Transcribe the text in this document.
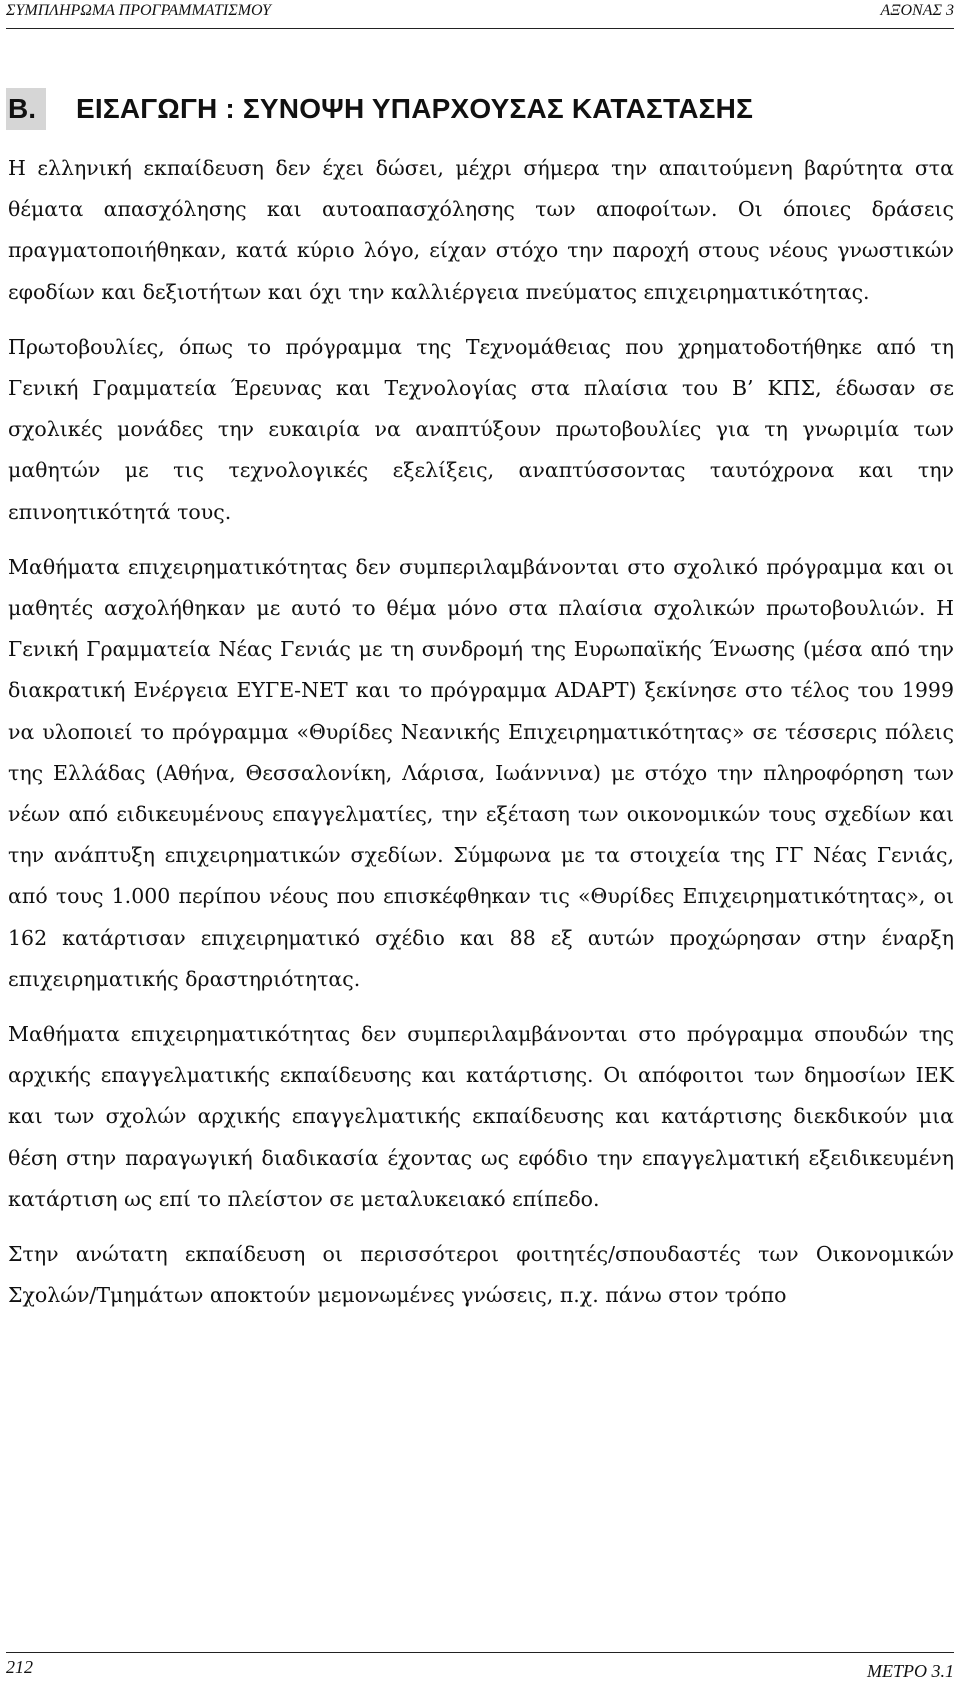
ΣΥΜΠΛΗΡΩΜΑ ΠΡΟΓΡΑΜΜΑΤΙΣΜΟΥ	ΑΞΟΝΑΣ 3
Β. ΕΙΣΑΓΩΓΗ : ΣΥΝΟΨΗ ΥΠΑΡΧΟΥΣΑΣ ΚΑΤΑΣΤΑΣΗΣ

Η ελληνική εκπαίδευση δεν έχει δώσει, μέχρι σήμερα την απαιτούμενη βαρύτητα στα θέματα απασχόλησης και αυτοαπασχόλησης των αποφοίτων. Οι όποιες δράσεις πραγματοποιήθηκαν, κατά κύριο λόγο, είχαν στόχο την παροχή στους νέους γνωστικών εφοδίων και δεξιοτήτων και όχι την καλλιέργεια πνεύματος επιχειρηματικότητας.

Πρωτοβουλίες, όπως το πρόγραμμα της Τεχνομάθειας που χρηματοδοτήθηκε από τη Γενική Γραμματεία Έρευνας και Τεχνολογίας στα πλαίσια του Β’ ΚΠΣ, έδωσαν σε σχολικές μονάδες την ευκαιρία να αναπτύξουν πρωτοβουλίες για τη γνωριμία των μαθητών με τις τεχνολογικές εξελίξεις, αναπτύσσοντας ταυτόχρονα και την επινοητικότητά τους.

Μαθήματα επιχειρηματικότητας δεν συμπεριλαμβάνονται στο σχολικό πρόγραμμα και οι μαθητές ασχολήθηκαν με αυτό το θέμα μόνο στα πλαίσια σχολικών πρωτοβουλιών. Η Γενική Γραμματεία Νέας Γενιάς με τη συνδρομή της Ευρωπαϊκής Ένωσης (μέσα από την διακρατική Ενέργεια ΕΥΓΕ-ΝΕΤ και το πρόγραμμα ADAPT) ξεκίνησε στο τέλος του 1999 να υλοποιεί το πρόγραμμα «Θυρίδες Νεανικής Επιχειρηματικότητας» σε τέσσερις πόλεις της Ελλάδας (Αθήνα, Θεσσαλονίκη, Λάρισα, Ιωάννινα) με στόχο την πληροφόρηση των νέων από ειδικευμένους επαγγελματίες, την εξέταση των οικονομικών τους σχεδίων και την ανάπτυξη επιχειρηματικών σχεδίων. Σύμφωνα με τα στοιχεία της ΓΓ Νέας Γενιάς, από τους 1.000 περίπου νέους που επισκέφθηκαν τις «Θυρίδες Επιχειρηματικότητας», οι 162 κατάρτισαν επιχειρηματικό σχέδιο και 88 εξ αυτών προχώρησαν στην έναρξη επιχειρηματικής δραστηριότητας.

Μαθήματα επιχειρηματικότητας δεν συμπεριλαμβάνονται στο πρόγραμμα σπουδών της αρχικής επαγγελματικής εκπαίδευσης και κατάρτισης. Οι απόφοιτοι των δημοσίων ΙΕΚ και των σχολών αρχικής επαγγελματικής εκπαίδευσης και κατάρτισης διεκδικούν μια θέση στην παραγωγική διαδικασία έχοντας ως εφόδιο την επαγγελματική εξειδικευμένη κατάρτιση ως επί το πλείστον σε μεταλυκειακό επίπεδο.

Στην ανώτατη εκπαίδευση οι περισσότεροι φοιτητές/σπουδαστές των Οικονομικών Σχολών/Τμημάτων αποκτούν μεμονωμένες γνώσεις, π.χ. πάνω στον τρόπο

212	ΜΕΤΡΟ 3.1
